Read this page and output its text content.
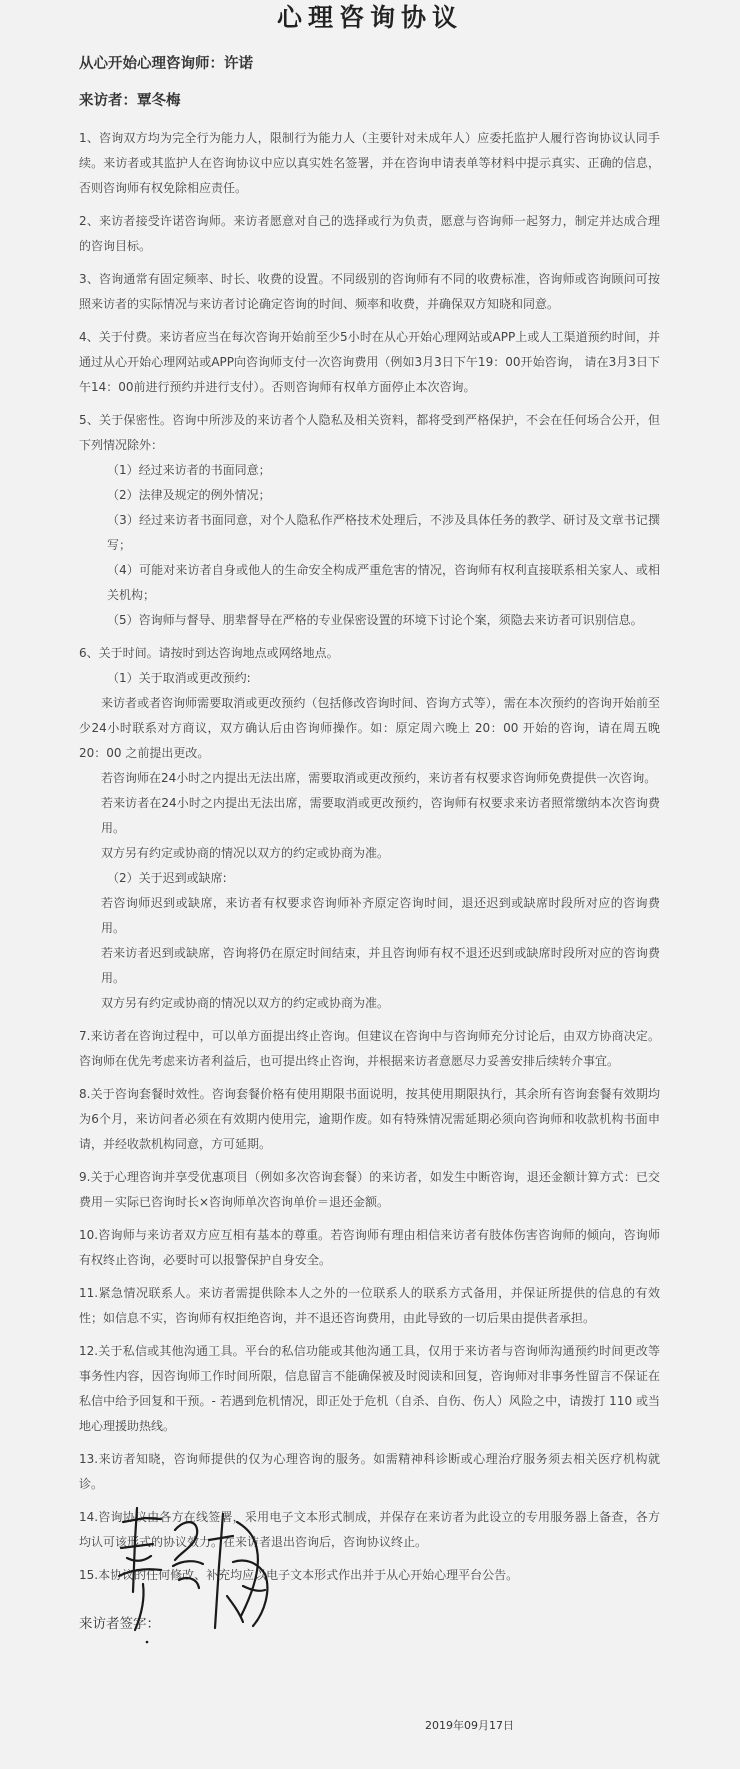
心理咨询协议

从心开始心理咨询师：许诺

来访者：覃冬梅

1、咨询双方均为完全行为能力人，限制行为能力人（主要针对未成年人）应委托监护人履行咨询协议认同手续。来访者或其监护人在咨询协议中应以真实姓名签署，并在咨询申请表单等材料中提示真实、正确的信息，否则咨询师有权免除相应责任。

2、来访者接受许诺咨询师。来访者愿意对自己的选择或行为负责，愿意与咨询师一起努力，制定并达成合理的咨询目标。

3、咨询通常有固定频率、时长、收费的设置。不同级别的咨询师有不同的收费标准，咨询师或咨询顾问可按照来访者的实际情况与来访者讨论确定咨询的时间、频率和收费，并确保双方知晓和同意。

4、关于付费。来访者应当在每次咨询开始前至少5小时在从心开始心理网站或APP上或人工渠道预约时间，并通过从心开始心理网站或APP向咨询师支付一次咨询费用（例如3月3日下午19：00开始咨询， 请在3月3日下午14：00前进行预约并进行支付）。否则咨询师有权单方面停止本次咨询。

5、关于保密性。咨询中所涉及的来访者个人隐私及相关资料，都将受到严格保护，不会在任何场合公开，但下列情况除外：

（1）经过来访者的书面同意；

（2）法律及规定的例外情况；

（3）经过来访者书面同意，对个人隐私作严格技术处理后，不涉及具体任务的教学、研讨及文章书记撰写；

（4）可能对来访者自身或他人的生命安全构成严重危害的情况，咨询师有权利直接联系相关家人、或相关机构；

（5）咨询师与督导、朋辈督导在严格的专业保密设置的环境下讨论个案，须隐去来访者可识别信息。

6、关于时间。请按时到达咨询地点或网络地点。

（1）关于取消或更改预约:

来访者或者咨询师需要取消或更改预约（包括修改咨询时间、咨询方式等），需在本次预约的咨询开始前至少24小时联系对方商议，双方确认后由咨询师操作。如：原定周六晚上 20：00 开始的咨询，请在周五晚 20：00 之前提出更改。

若咨询师在24小时之内提出无法出席，需要取消或更改预约，来访者有权要求咨询师免费提供一次咨询。

若来访者在24小时之内提出无法出席，需要取消或更改预约，咨询师有权要求来访者照常缴纳本次咨询费用。

双方另有约定或协商的情况以双方的约定或协商为准。

（2）关于迟到或缺席:

若咨询师迟到或缺席，来访者有权要求咨询师补齐原定咨询时间，退还迟到或缺席时段所对应的咨询费用。

若来访者迟到或缺席，咨询将仍在原定时间结束，并且咨询师有权不退还迟到或缺席时段所对应的咨询费用。

双方另有约定或协商的情况以双方的约定或协商为准。

7.来访者在咨询过程中，可以单方面提出终止咨询。但建议在咨询中与咨询师充分讨论后，由双方协商决定。咨询师在优先考虑来访者利益后，也可提出终止咨询，并根据来访者意愿尽力妥善安排后续转介事宜。

8.关于咨询套餐时效性。咨询套餐价格有使用期限书面说明，按其使用期限执行，其余所有咨询套餐有效期均为6个月，来访问者必须在有效期内使用完，逾期作废。如有特殊情况需延期必须向咨询师和收款机构书面申请，并经收款机构同意，方可延期。

9.关于心理咨询并享受优惠项目（例如多次咨询套餐）的来访者，如发生中断咨询，退还金额计算方式：已交费用－实际已咨询时长×咨询师单次咨询单价＝退还金额。

10.咨询师与来访者双方应互相有基本的尊重。若咨询师有理由相信来访者有肢体伤害咨询师的倾向，咨询师有权终止咨询，必要时可以报警保护自身安全。

11.紧急情况联系人。来访者需提供除本人之外的一位联系人的联系方式备用，并保证所提供的信息的有效性；如信息不实，咨询师有权拒绝咨询，并不退还咨询费用，由此导致的一切后果由提供者承担。

12.关于私信或其他沟通工具。平台的私信功能或其他沟通工具，仅用于来访者与咨询师沟通预约时间更改等事务性内容，因咨询师工作时间所限，信息留言不能确保被及时阅读和回复，咨询师对非事务性留言不保证在私信中给予回复和干预。- 若遇到危机情况，即正处于危机（自杀、自伤、伤人）风险之中，请拨打 110 或当地心理援助热线。

13.来访者知晓，咨询师提供的仅为心理咨询的服务。如需精神科诊断或心理治疗服务须去相关医疗机构就诊。

14.咨询协议由各方在线签署，采用电子文本形式制成，并保存在来访者为此设立的专用服务器上备查，各方均认可该形式的协议效力。在来访者退出咨询后，咨询协议终止。

15.本协议的任何修改、补充均应以电子文本形式作出并于从心开始心理平台公告。

来访者签字：

2019年09月17日
